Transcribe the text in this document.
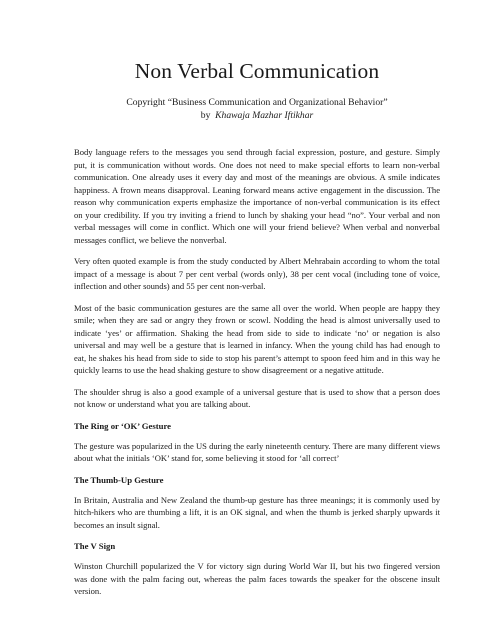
Non Verbal Communication

Copyright “Business Communication and Organizational Behavior”

by Khawaja Mazhar Iftikhar

Body language refers to the messages you send through facial expression, posture, and gesture. Simply put, it is communication without words. One does not need to make special efforts to learn non-verbal communication. One already uses it every day and most of the meanings are obvious. A smile indicates happiness. A frown means disapproval. Leaning forward means active engagement in the discussion. The reason why communication experts emphasize the importance of non-verbal communication is its effect on your credibility. If you try inviting a friend to lunch by shaking your head “no”. Your verbal and non verbal messages will come in conflict. Which one will your friend believe? When verbal and nonverbal messages conflict, we believe the nonverbal.

Very often quoted example is from the study conducted by Albert Mehrabain according to whom the total impact of a message is about 7 per cent verbal (words only), 38 per cent vocal (including tone of voice, inflection and other sounds) and 55 per cent non-verbal.

Most of the basic communication gestures are the same all over the world. When people are happy they smile; when they are sad or angry they frown or scowl. Nodding the head is almost universally used to indicate ‘yes’ or affirmation. Shaking the head from side to side to indicate ‘no’ or negation is also universal and may well be a gesture that is learned in infancy. When the young child has had enough to eat, he shakes his head from side to side to stop his parent’s attempt to spoon feed him and in this way he quickly learns to use the head shaking gesture to show disagreement or a negative attitude.

The shoulder shrug is also a good example of a universal gesture that is used to show that a person does not know or understand what you are talking about.

The Ring or ‘OK’ Gesture

The gesture was popularized in the US during the early nineteenth century. There are many different views about what the initials ‘OK’ stand for, some believing it stood for ‘all correct’

The Thumb-Up Gesture

In Britain, Australia and New Zealand the thumb-up gesture has three meanings; it is commonly used by hitch-hikers who are thumbing a lift, it is an OK signal, and when the thumb is jerked sharply upwards it becomes an insult signal.

The V Sign

Winston Churchill popularized the V for victory sign during World War II, but his two fingered version was done with the palm facing out, whereas the palm faces towards the speaker for the obscene insult version.
